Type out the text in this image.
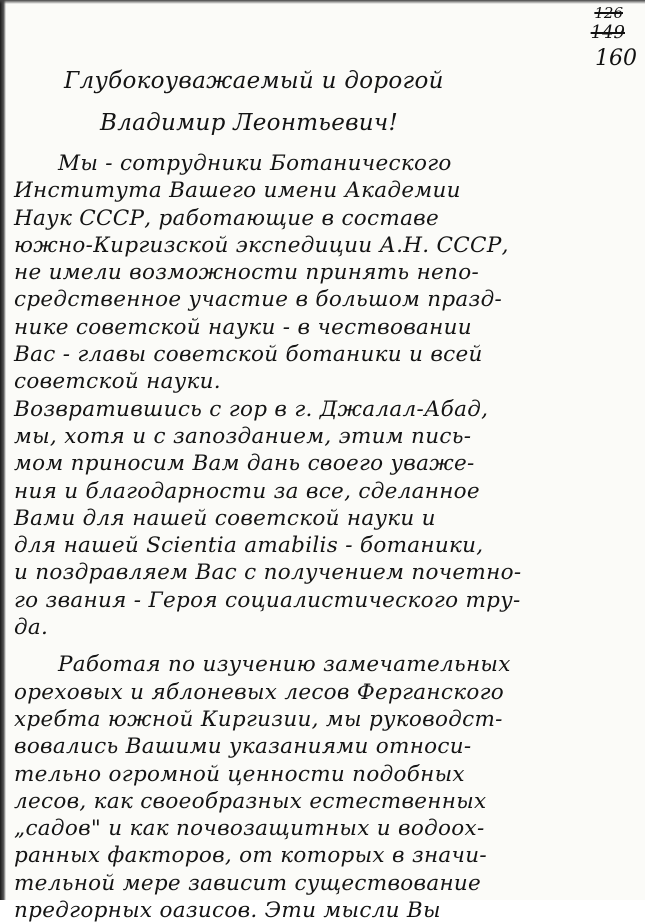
126
149
160
Глубокоуважаемый и дорогой
Владимир Леонтьевич!
Мы - сотрудники Ботанического
Института Вашего имени Академии
Наук СССР, работающие в составе
южно-Киргизской экспедиции А.Н. СССР,
не имели возможности принять непо-
средственное участие в большом празд-
нике советской науки - в чествовании
Вас - главы советской ботаники и всей
советской науки.
Возвратившись с гор в г. Джалал-Абад,
мы, хотя и с запозданием, этим пись-
мом приносим Вам дань своего уваже-
ния и благодарности за все, сделанное
Вами для нашей советской науки и
для нашей Scientia amabilis - ботаники,
и поздравляем Вас с получением почетно-
го звания - Героя социалистического тру-
да.
Работая по изучению замечательных
ореховых и яблоневых лесов Ферганского
хребта южной Киргизии, мы руководст-
вовались Вашими указаниями относи-
тельно огромной ценности подобных
лесов, как своеобразных естественных
„садов" и как почвозащитных и водоох-
ранных факторов, от которых в значи-
тельной мере зависит существование
предгорных оазисов. Эти мысли Вы
